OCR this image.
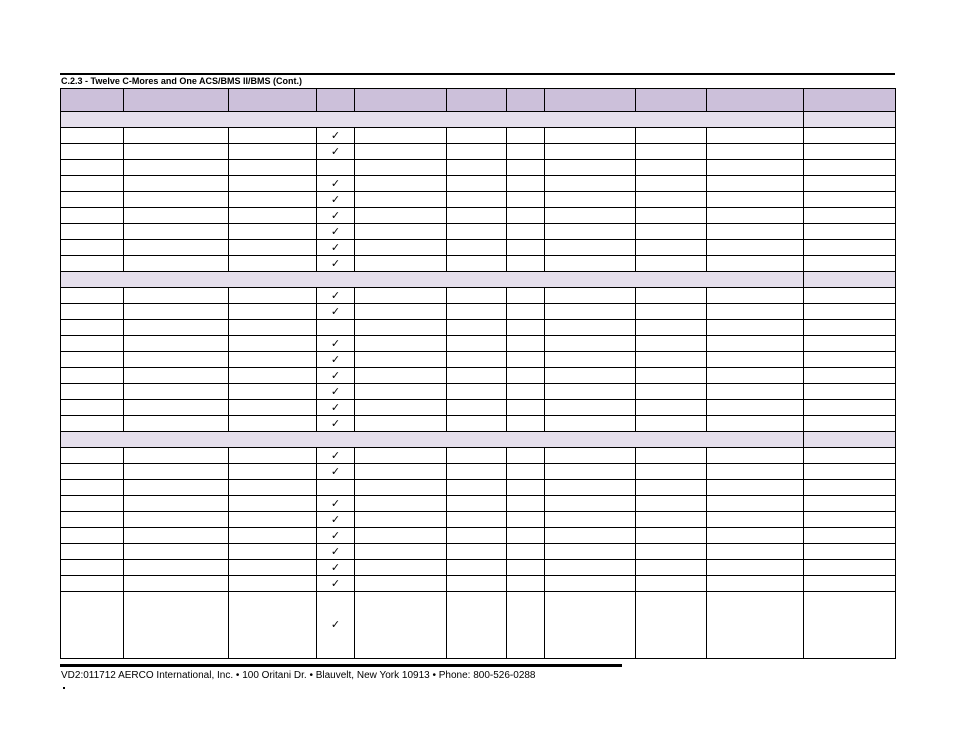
C.2.3 - Twelve C-Mores and One ACS/BMS II/BMS (Cont.)

			✓							
			✓							

			✓							
			✓							
			✓							
			✓							
			✓							
			✓							

			✓							
			✓							

			✓							
			✓							
			✓							
			✓							
			✓							
			✓							

			✓							
			✓							

			✓							
			✓							
			✓							
			✓							
			✓							
			✓							
			✓							
VD2:011712 AERCO International, Inc. • 100 Oritani Dr. • Blauvelt, New York 10913 • Phone: 800-526-0288
